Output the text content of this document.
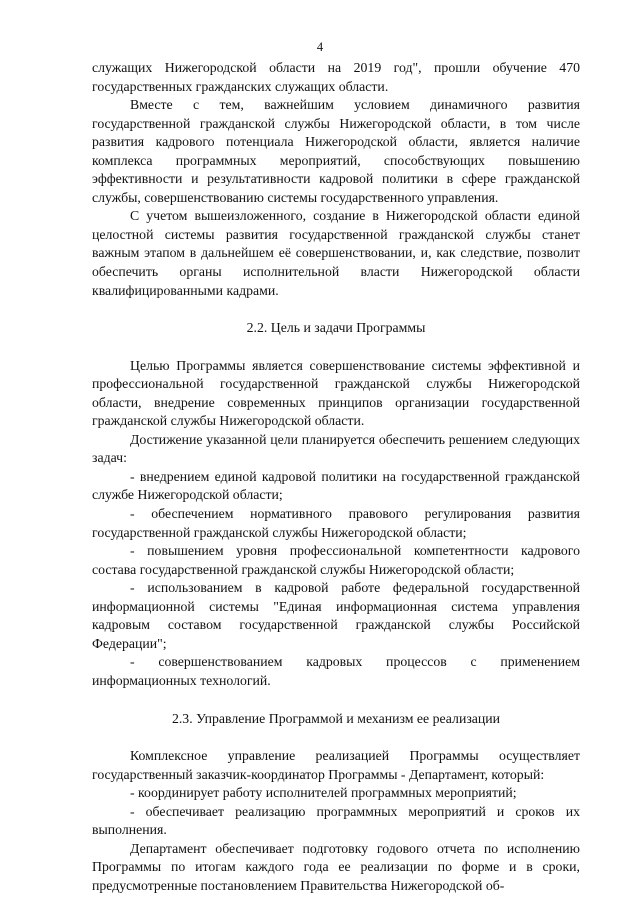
4

служащих Нижегородской области на 2019 год", прошли обучение 470 государственных гражданских служащих области.

Вместе с тем, важнейшим условием динамичного развития государственной гражданской службы Нижегородской области, в том числе развития кадрового потенциала Нижегородской области, является наличие комплекса программных мероприятий, способствующих повышению эффективности и результативности кадровой политики в сфере гражданской службы, совершенствованию системы государственного управления.

С учетом вышеизложенного, создание в Нижегородской области единой целостной системы развития государственной гражданской службы станет важным этапом в дальнейшем её совершенствовании, и, как следствие, позволит обеспечить органы исполнительной власти Нижегородской области квалифицированными кадрами.

2.2. Цель и задачи Программы

Целью Программы является совершенствование системы эффективной и профессиональной государственной гражданской службы Нижегородской области, внедрение современных принципов организации государственной гражданской службы Нижегородской области.

Достижение указанной цели планируется обеспечить решением следующих задач:

- внедрением единой кадровой политики на государственной гражданской службе Нижегородской области;

- обеспечением нормативного правового регулирования развития государственной гражданской службы Нижегородской области;

- повышением уровня профессиональной компетентности кадрового состава государственной гражданской службы Нижегородской области;

- использованием в кадровой работе федеральной государственной информационной системы "Единая информационная система управления кадровым составом государственной гражданской службы Российской Федерации";

- совершенствованием кадровых процессов с применением информационных технологий.

2.3. Управление Программой и механизм ее реализации

Комплексное управление реализацией Программы осуществляет государственный заказчик-координатор Программы - Департамент, который:

- координирует работу исполнителей программных мероприятий;

- обеспечивает реализацию программных мероприятий и сроков их выполнения.

Департамент обеспечивает подготовку годового отчета по исполнению Программы по итогам каждого года ее реализации по форме и в сроки, предусмотренные постановлением Правительства Нижегородской об-
